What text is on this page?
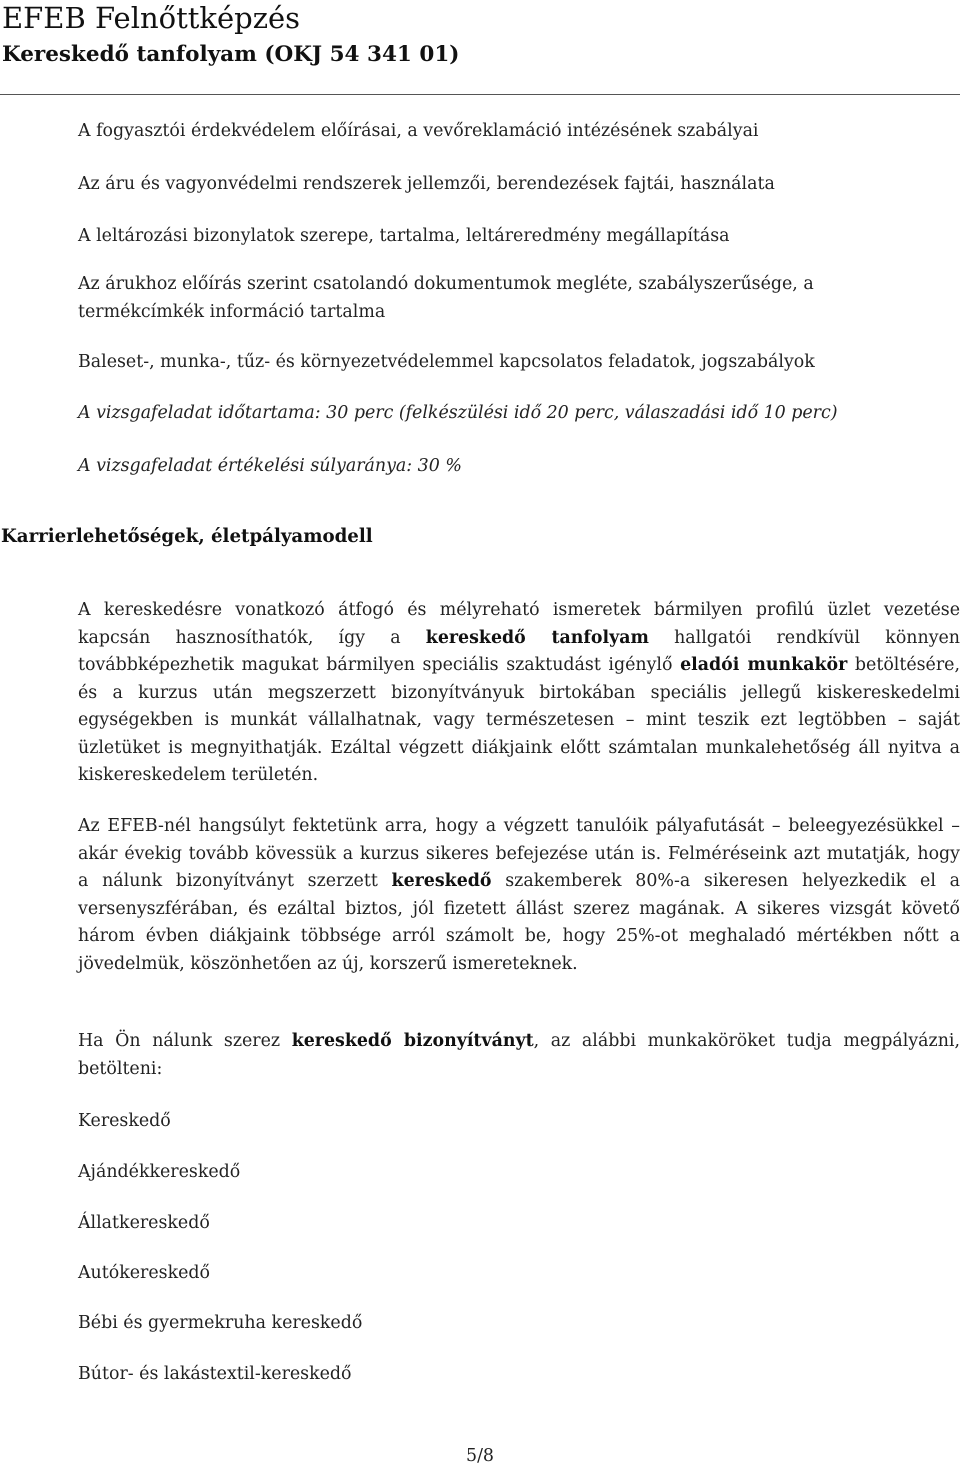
EFEB Felnőttképzés
Kereskedő tanfolyam (OKJ 54 341 01)

A fogyasztói érdekvédelem előírásai, a vevőreklamáció intézésének szabályai

Az áru és vagyonvédelmi rendszerek jellemzői, berendezések fajtái, használata

A leltározási bizonylatok szerepe, tartalma, leltáreredmény megállapítása

Az árukhoz előírás szerint csatolandó dokumentumok megléte, szabályszerűsége, a

termékcímkék információ tartalma

Baleset-, munka-, tűz- és környezetvédelemmel kapcsolatos feladatok, jogszabályok

A vizsgafeladat időtartama: 30 perc (felkészülési idő 20 perc, válaszadási idő 10 perc)

A vizsgafeladat értékelési súlyaránya: 30 %

Karrierlehetőségek, életpályamodell

A kereskedésre vonatkozó átfogó és mélyreható ismeretek bármilyen profilú üzlet vezetése kapcsán hasznosíthatók, így a kereskedő tanfolyam hallgatói rendkívül könnyen továbbképezhetik magukat bármilyen speciális szaktudást igénylő eladói munkakör betöltésére, és a kurzus után megszerzett bizonyítványuk birtokában speciális jellegű kiskereskedelmi egységekben is munkát vállalhatnak, vagy természetesen – mint teszik ezt legtöbben – saját üzletüket is megnyithatják. Ezáltal végzett diákjaink előtt számtalan munkalehetőség áll nyitva a kiskereskedelem területén.

Az EFEB-nél hangsúlyt fektetünk arra, hogy a végzett tanulóik pályafutását – beleegyezésükkel – akár évekig tovább kövessük a kurzus sikeres befejezése után is. Felméréseink azt mutatják, hogy a nálunk bizonyítványt szerzett kereskedő szakemberek 80%-a sikeresen helyezkedik el a versenyszférában, és ezáltal biztos, jól fizetett állást szerez magának. A sikeres vizsgát követő három évben diákjaink többsége arról számolt be, hogy 25%-ot meghaladó mértékben nőtt a jövedelmük, köszönhetően az új, korszerű ismereteknek.

Ha Ön nálunk szerez kereskedő bizonyítványt, az alábbi munkaköröket tudja megpályázni, betölteni:

Kereskedő

Ajándékkereskedő

Állatkereskedő

Autókereskedő

Bébi és gyermekruha kereskedő

Bútor- és lakástextil-kereskedő

5/8
